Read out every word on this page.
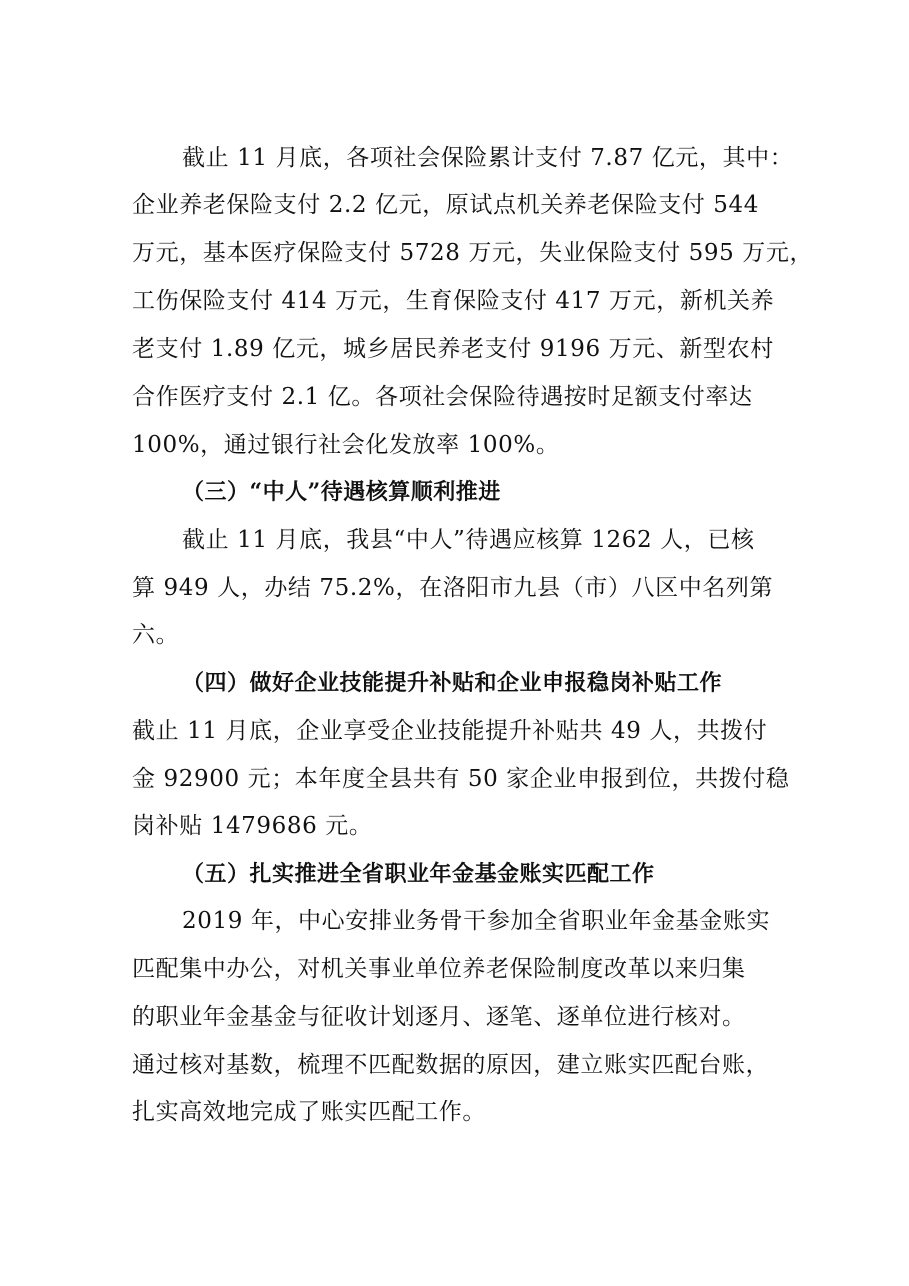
截止 11 月底，各项社会保险累计支付 7.87 亿元，其中：
企业养老保险支付 2.2 亿元，原试点机关养老保险支付 544
万元，基本医疗保险支付 5728 万元，失业保险支付 595 万元，
工伤保险支付 414 万元，生育保险支付 417 万元，新机关养
老支付 1.89 亿元，城乡居民养老支付 9196 万元、新型农村
合作医疗支付 2.1 亿。各项社会保险待遇按时足额支付率达
100%，通过银行社会化发放率 100%。
（三）“中人”待遇核算顺利推进
截止 11 月底，我县“中人”待遇应核算 1262 人，已核
算 949 人，办结 75.2%，在洛阳市九县（市）八区中名列第
六。
（四）做好企业技能提升补贴和企业申报稳岗补贴工作
截止 11 月底，企业享受企业技能提升补贴共 49 人，共拨付
金 92900 元；本年度全县共有 50 家企业申报到位，共拨付稳
岗补贴 1479686 元。
（五）扎实推进全省职业年金基金账实匹配工作
2019 年，中心安排业务骨干参加全省职业年金基金账实
匹配集中办公，对机关事业单位养老保险制度改革以来归集
的职业年金基金与征收计划逐月、逐笔、逐单位进行核对。
通过核对基数，梳理不匹配数据的原因，建立账实匹配台账，
扎实高效地完成了账实匹配工作。
